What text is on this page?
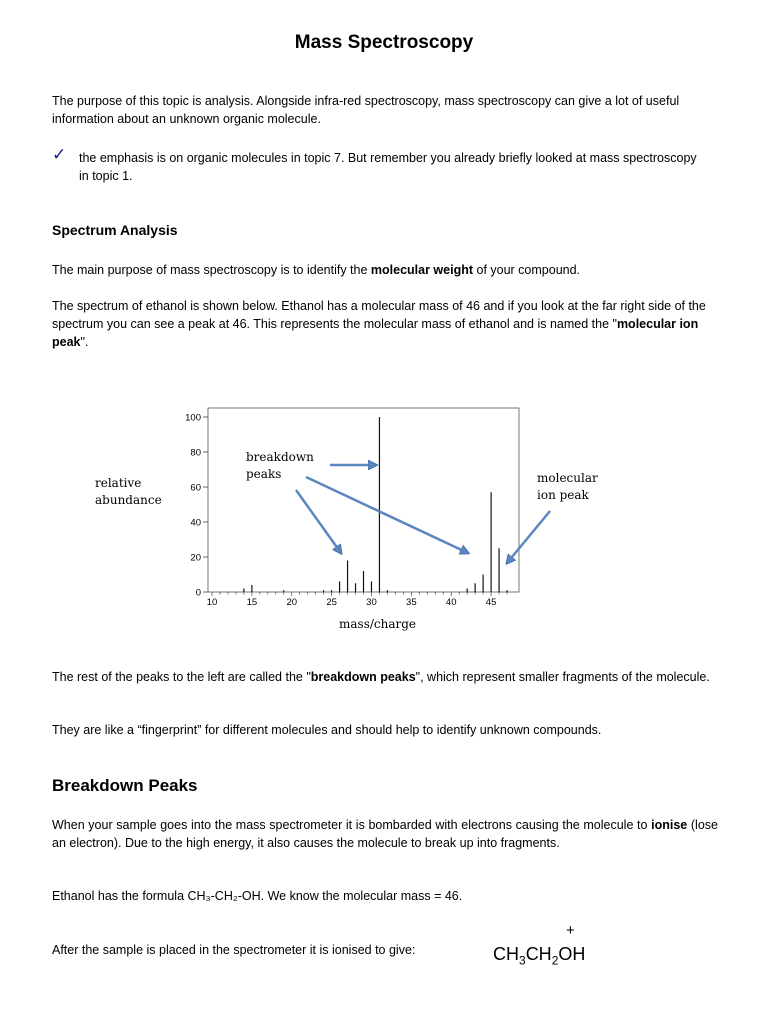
Mass Spectroscopy
The purpose of this topic is analysis. Alongside infra-red spectroscopy, mass spectroscopy can give a lot of useful information about an unknown organic molecule.
✓ the emphasis is on organic molecules in topic 7. But remember you already briefly looked at mass spectroscopy in topic 1.
Spectrum Analysis
The main purpose of mass spectroscopy is to identify the molecular weight of your compound.
The spectrum of ethanol is shown below. Ethanol has a molecular mass of 46 and if you look at the far right side of the spectrum you can see a peak at 46. This represents the molecular mass of ethanol and is named the "molecular ion peak".
0
20
40
60
80
100
10	15	20	25	30	35	40	45
breakdown
peaks
relative
abundance
molecular
ion peak
mass/charge
The rest of the peaks to the left are called the "breakdown peaks", which represent smaller fragments of the molecule.
They are like a “fingerprint” for different molecules and should help to identify unknown compounds.
Breakdown Peaks
When your sample goes into the mass spectrometer it is bombarded with electrons causing the molecule to ionise (lose an electron). Due to the high energy, it also causes the molecule to break up into fragments.
Ethanol has the formula CH₃-CH₂-OH. We know the molecular mass = 46.
After the sample is placed in the spectrometer it is ionised to give:
+
$CH_3CH_2OH$
